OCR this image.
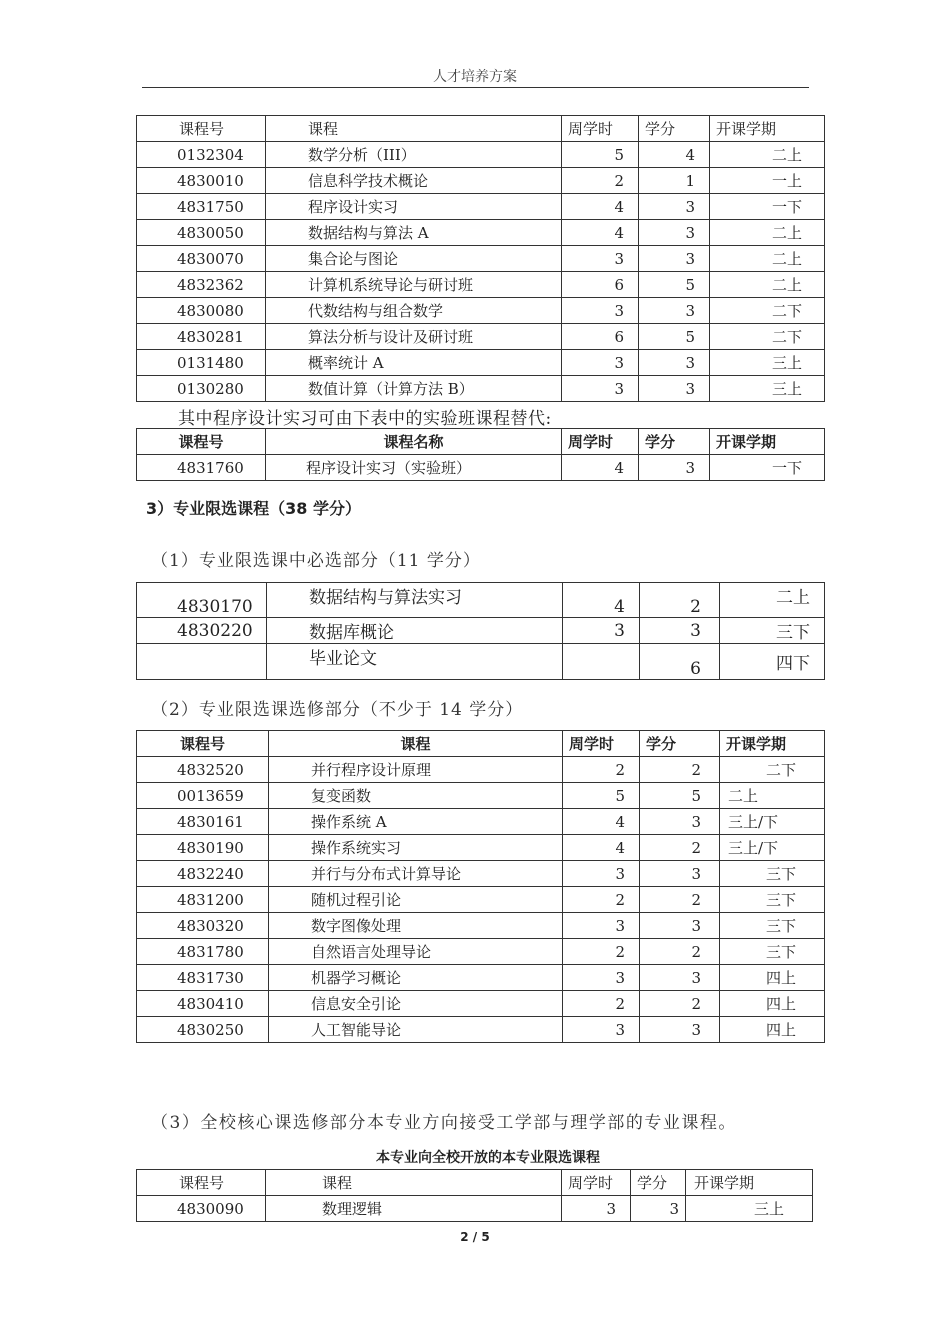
人才培养方案
课程号	课程	周学时	学分	开课学期
0132304	数学分析（III）	5	4	二上
4830010	信息科学技术概论	2	1	一上
4831750	程序设计实习	4	3	一下
4830050	数据结构与算法 A	4	3	二上
4830070	集合论与图论	3	3	二上
4832362	计算机系统导论与研讨班	6	5	二上
4830080	代数结构与组合数学	3	3	二下
4830281	算法分析与设计及研讨班	6	5	二下
0131480	概率统计 A	3	3	三上
0130280	数值计算（计算方法 B）	3	3	三上
其中程序设计实习可由下表中的实验班课程替代:
课程号	课程名称	周学时	学分	开课学期
4831760	程序设计实习（实验班）	4	3	一下
3）专业限选课程（38 学分）
（1）专业限选课中必选部分（11 学分）
4830170	数据结构与算法实习	4	2	二上
4830220	数据库概论	3	3	三下
	毕业论文		6	四下
（2）专业限选课选修部分（不少于 14 学分）
课程号	课程	周学时	学分	开课学期
4832520	并行程序设计原理	2	2	二下
0013659	复变函数	5	5	二上
4830161	操作系统 A	4	3	三上/下
4830190	操作系统实习	4	2	三上/下
4832240	并行与分布式计算导论	3	3	三下
4831200	随机过程引论	2	2	三下
4830320	数字图像处理	3	3	三下
4831780	自然语言处理导论	2	2	三下
4831730	机器学习概论	3	3	四上
4830410	信息安全引论	2	2	四上
4830250	人工智能导论	3	3	四上
（3）全校核心课选修部分本专业方向接受工学部与理学部的专业课程。
本专业向全校开放的本专业限选课程
课程号	课程	周学时	学分	开课学期
4830090	数理逻辑	3	3	三上
2 / 5
